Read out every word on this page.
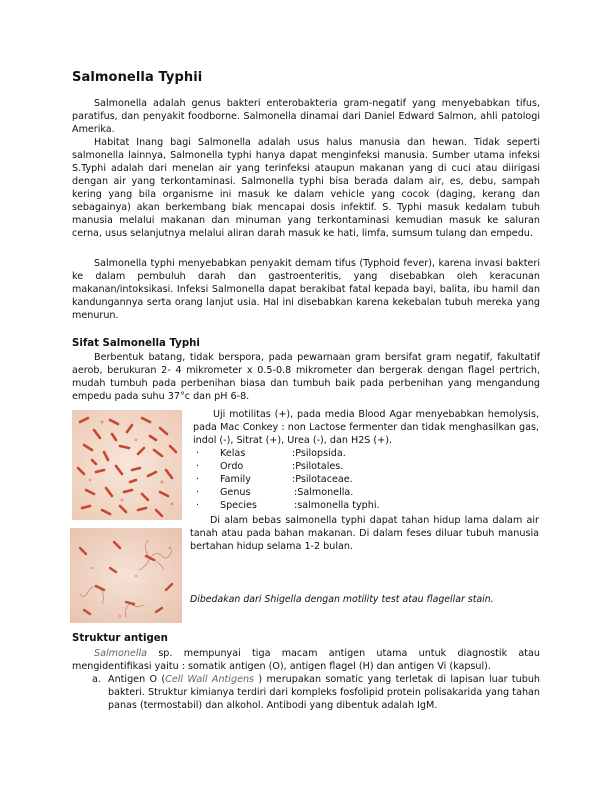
Salmonella Typhii

Salmonella adalah genus bakteri enterobakteria gram-negatif yang menyebabkan tifus, paratifus, dan penyakit foodborne. Salmonella dinamai dari Daniel Edward Salmon, ahli patologi Amerika.

Habitat Inang bagi Salmonella adalah usus halus manusia dan hewan. Tidak seperti salmonella lainnya, Salmonella typhi hanya dapat menginfeksi manusia. Sumber utama infeksi S.Typhi adalah dari menelan air yang terinfeksi ataupun makanan yang di cuci atau diirigasi dengan air yang terkontaminasi. Salmonella typhi bisa berada dalam air, es, debu, sampah kering yang bila organisme ini masuk ke dalam vehicle yang cocok (daging, kerang dan sebagainya) akan berkembang biak mencapai dosis infektif. S. Typhi masuk kedalam tubuh manusia melalui makanan dan minuman yang terkontaminasi kemudian masuk ke saluran cerna, usus selanjutnya melalui aliran darah masuk ke hati, limfa, sumsum tulang dan empedu.

Salmonella typhi menyebabkan penyakit demam tifus (Typhoid fever), karena invasi bakteri ke dalam pembuluh darah dan gastroenteritis, yang disebabkan oleh keracunan makanan/intoksikasi. Infeksi Salmonella dapat berakibat fatal kepada bayi, balita, ibu hamil dan kandungannya serta orang lanjut usia. Hal ini disebabkan karena kekebalan tubuh mereka yang menurun.

Sifat Salmonella Typhi

Berbentuk batang, tidak berspora, pada pewarnaan gram bersifat gram negatif, fakultatif aerob, berukuran 2- 4 mikrometer x 0.5-0.8 mikrometer dan bergerak dengan flagel pertrich, mudah tumbuh pada perbenihan biasa dan tumbuh baik pada perbenihan yang mengandung empedu pada suhu 37°c dan pH 6-8.

Uji motilitas (+), pada media Blood Agar menyebabkan hemolysis, pada Mac Conkey : non Lactose fermenter dan tidak menghasilkan gas, indol (-), Sitrat (+), Urea (-), dan H2S (+).

· Kelas	:Psilopsida.
· Ordo	:Psilotales.
· Family	:Psilotaceae.
· Genus	:Salmonella.
· Species	:salmonella typhi.

Di alam bebas salmonella typhi dapat tahan hidup lama dalam air tanah atau pada bahan makanan. Di dalam feses diluar tubuh manusia bertahan hidup selama 1-2 bulan.

Dibedakan dari Shigella dengan motility test atau flagellar stain.
Struktur antigen

Salmonella sp. mempunyai tiga macam antigen utama untuk diagnostik atau mengidentifikasi yaitu : somatik antigen (O), antigen flagel (H) dan antigen Vi (kapsul).

a. Antigen O (Cell Wall Antigens ) merupakan somatic yang terletak di lapisan luar tubuh bakteri. Struktur kimianya terdiri dari kompleks fosfolipid protein polisakarida yang tahan panas (termostabil) dan alkohol. Antibodi yang dibentuk adalah IgM.
